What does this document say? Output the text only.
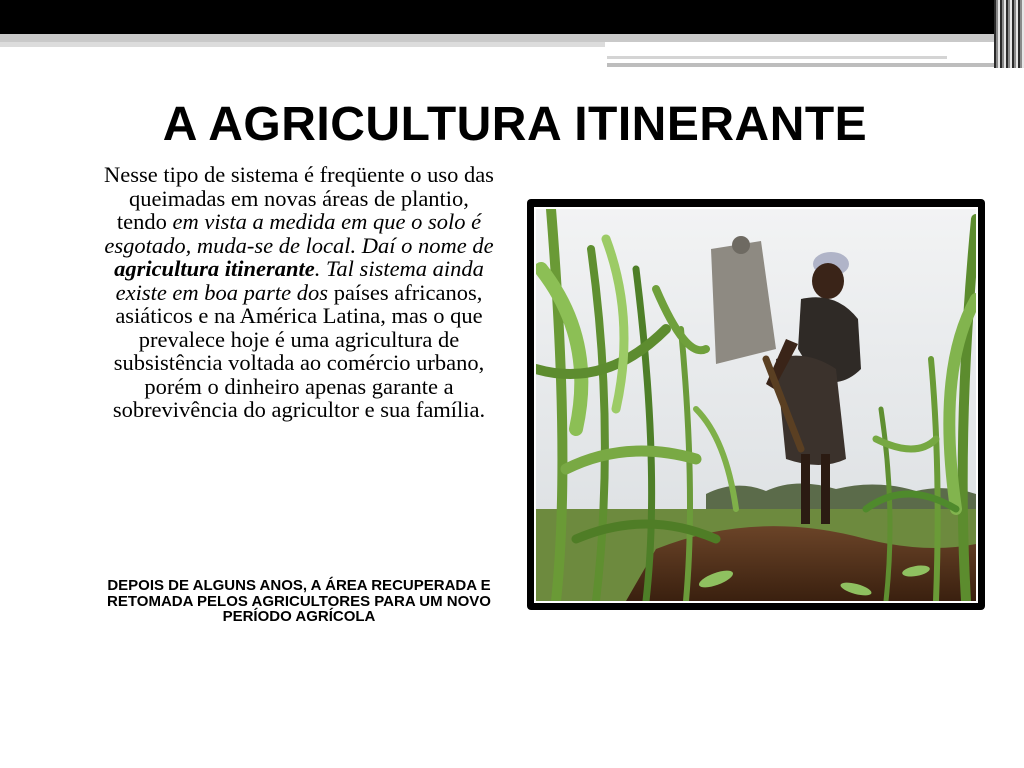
A AGRICULTURA ITINERANTE
Nesse tipo de sistema é freqüente o uso das queimadas em novas áreas de plantio, tendo em vista a medida em que o solo é esgotado, muda-se de local. Daí o nome de agricultura itinerante. Tal sistema ainda existe em boa parte dos países africanos, asiáticos e na América Latina, mas o que prevalece hoje é uma agricultura de subsistência voltada ao comércio urbano, porém o dinheiro apenas garante a sobrevivência do agricultor e sua família.
DEPOIS DE ALGUNS ANOS, A ÁREA RECUPERADA E RETOMADA PELOS AGRICULTORES PARA UM NOVO PERÍODO AGRÍCOLA
